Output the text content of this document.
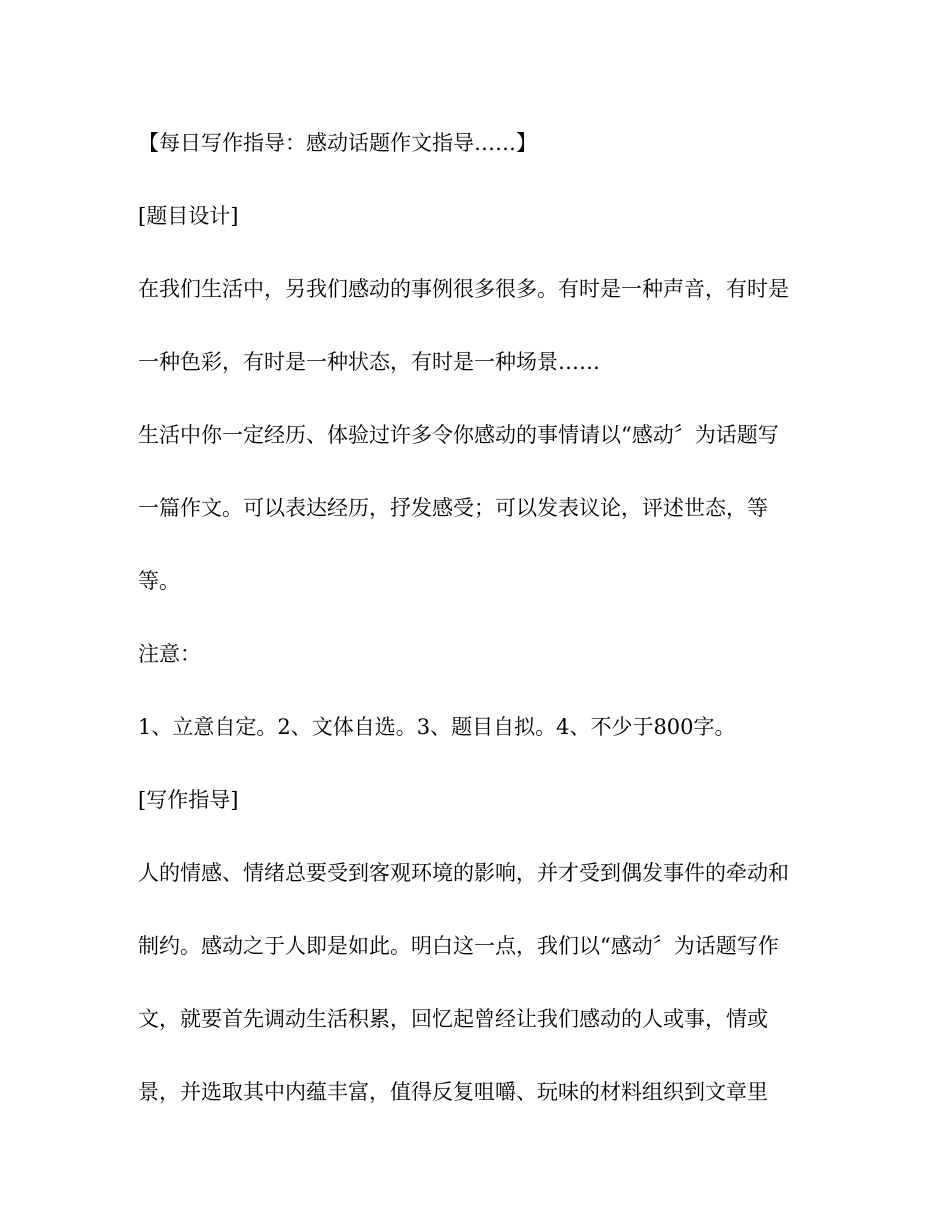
【每日写作指导：感动话题作文指导……】
[题目设计]
在我们生活中，另我们感动的事例很多很多。有时是一种声音，有时是
一种色彩，有时是一种状态，有时是一种场景……
生活中你一定经历、体验过许多令你感动的事情请以“感动〞为话题写
一篇作文。可以表达经历，抒发感受；可以发表议论，评述世态，等
等。
注意：
1、立意自定。2、文体自选。3、题目自拟。4、不少于800字。
[写作指导]
人的情感、情绪总要受到客观环境的影响，并才受到偶发事件的牵动和
制约。感动之于人即是如此。明白这一点，我们以“感动〞为话题写作
文，就要首先调动生活积累，回忆起曾经让我们感动的人或事，情或
景，并选取其中内蕴丰富，值得反复咀嚼、玩味的材料组织到文章里
